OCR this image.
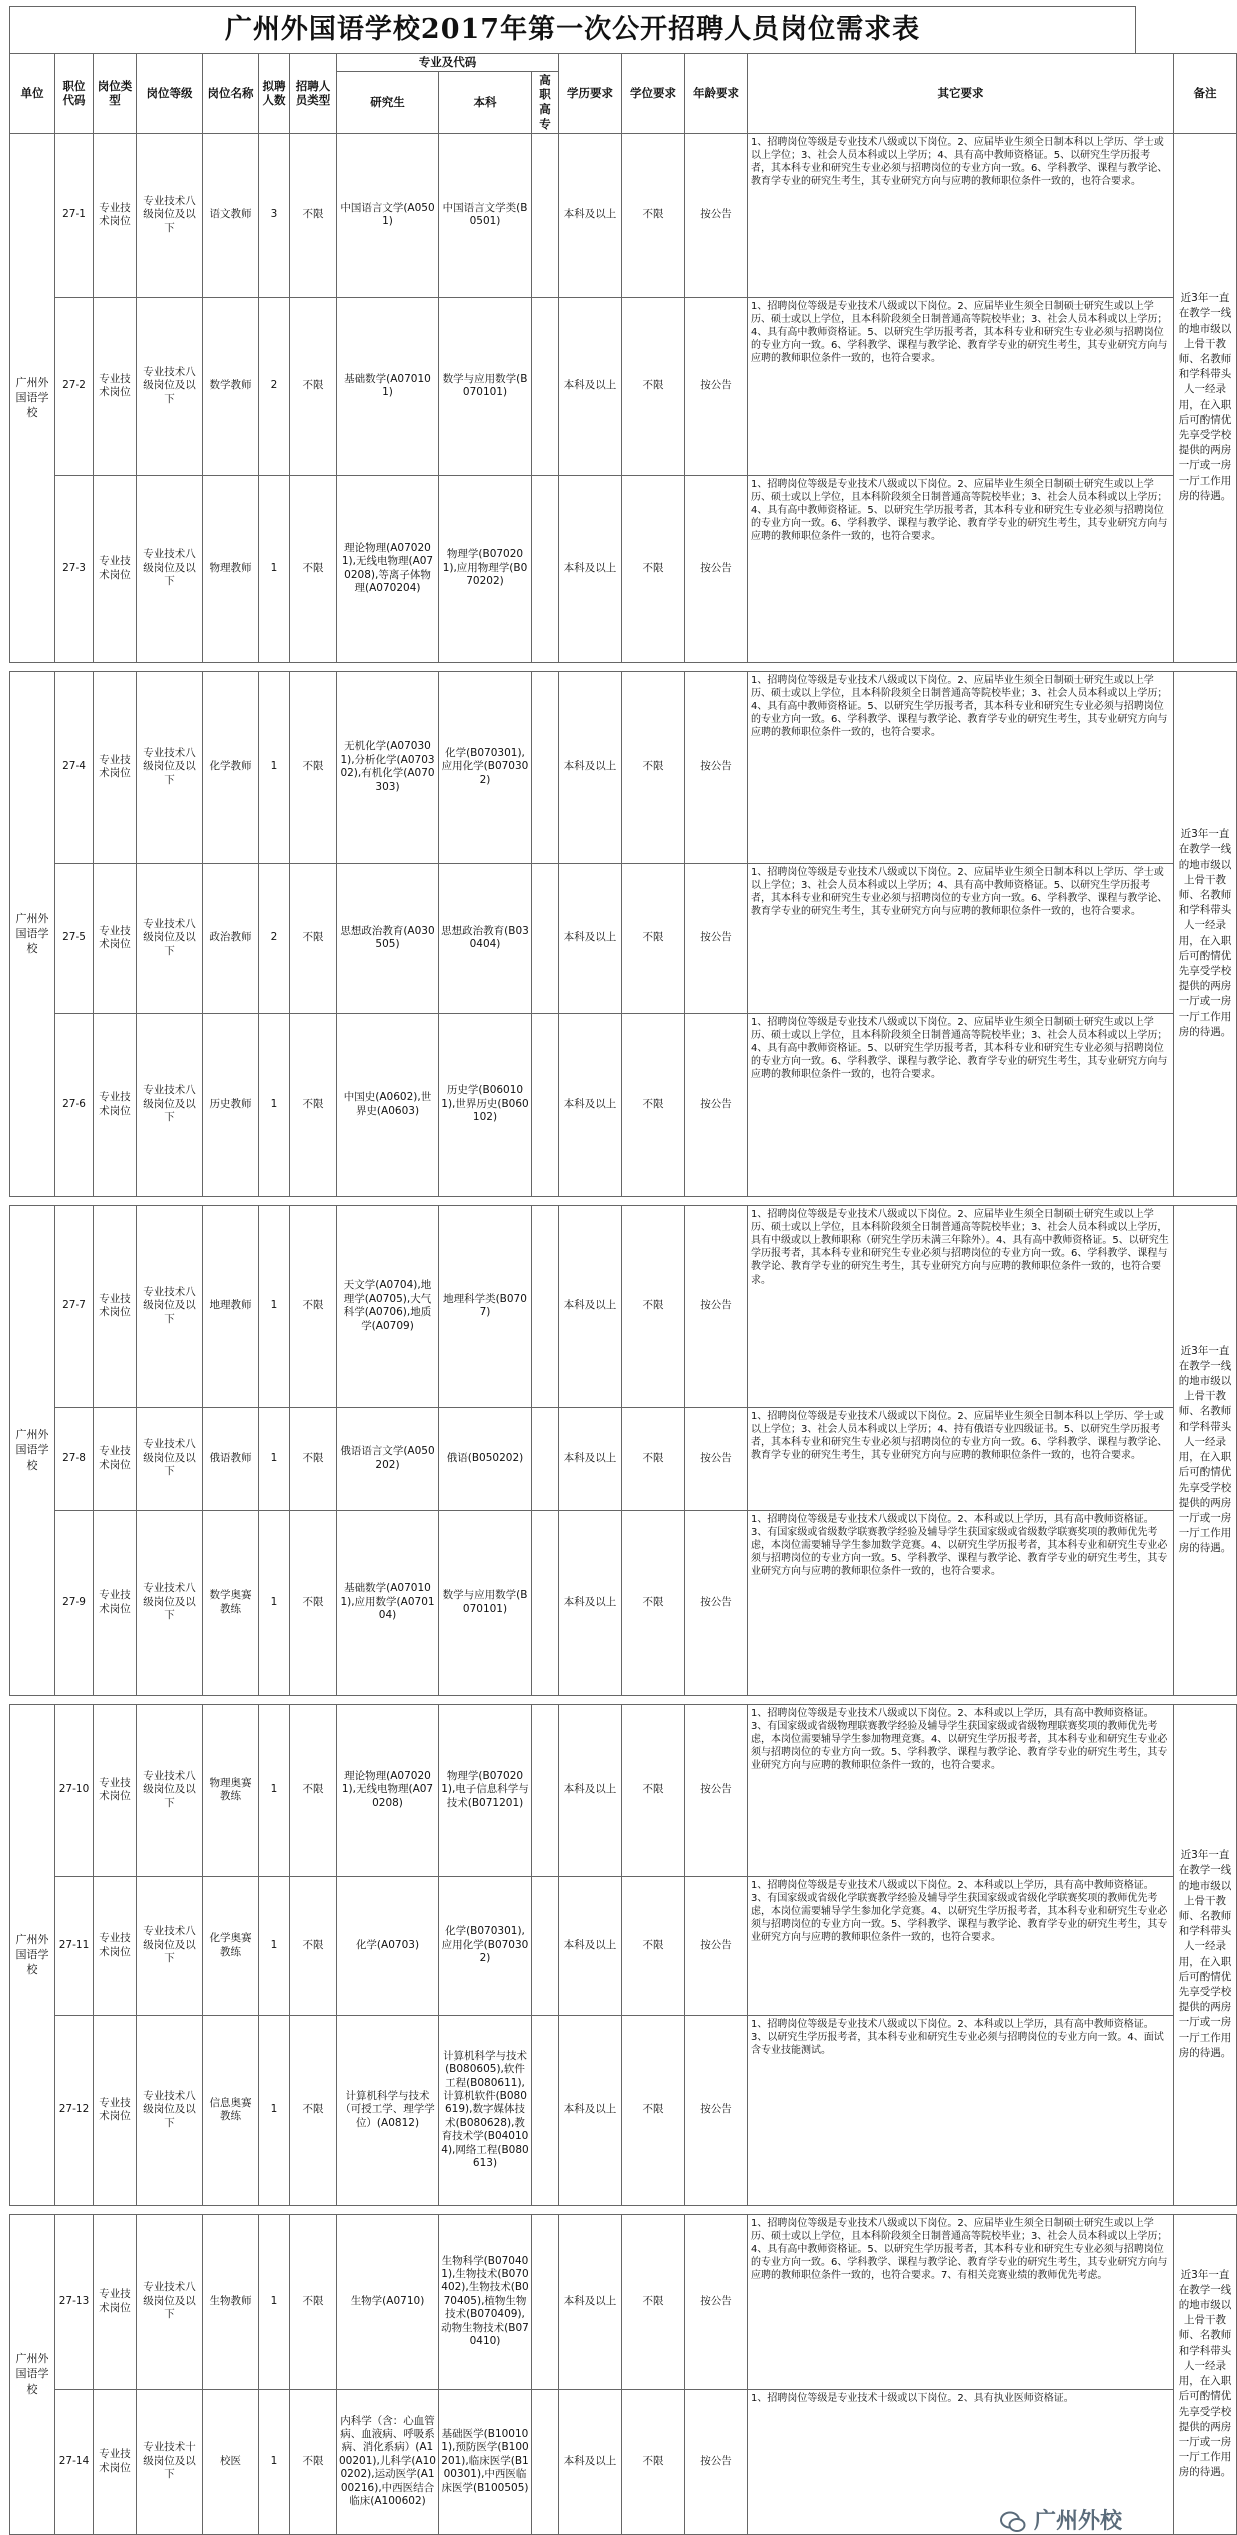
广州外国语学校2017年第一次公开招聘人员岗位需求表
单位	职位代码	岗位类型	岗位等级	岗位名称	拟聘人数	招聘人员类型	专业及代码			学历要求	学位要求	年龄要求	其它要求	备注
							研究生	本科	高职高专					
广州外国语学校	27-1	专业技术岗位	专业技术八级岗位及以下	语文教师	3	不限	中国语言文学(A0501)	中国语言文学类(B0501)		本科及以上	不限	按公告	1、招聘岗位等级是专业技术八级或以下岗位。2、应届毕业生须全日制本科以上学历、学士或以上学位；3、社会人员本科或以上学历；4、具有高中教师资格证。5、以研究生学历报考者，其本科专业和研究生专业必须与招聘岗位的专业方向一致。6、学科教学、课程与教学论、教育学专业的研究生考生，其专业研究方向与应聘的教师职位条件一致的，也符合要求。	近3年一直在教学一线的地市级以上骨干教师、名教师和学科带头人一经录用，在入职后可酌情优先享受学校提供的两房一厅或一房一厅工作用房的待遇。
	27-2	专业技术岗位	专业技术八级岗位及以下	数学教师	2	不限	基础数学(A070101)	数学与应用数学(B070101)		本科及以上	不限	按公告	1、招聘岗位等级是专业技术八级或以下岗位。2、应届毕业生须全日制硕士研究生或以上学历、硕士或以上学位，且本科阶段须全日制普通高等院校毕业；3、社会人员本科或以上学历；4、具有高中教师资格证。5、以研究生学历报考者，其本科专业和研究生专业必须与招聘岗位的专业方向一致。6、学科教学、课程与教学论、教育学专业的研究生考生，其专业研究方向与应聘的教师职位条件一致的，也符合要求。	
	27-3	专业技术岗位	专业技术八级岗位及以下	物理教师	1	不限	理论物理(A070201),无线电物理(A070208),等离子体物理(A070204)	物理学(B070201),应用物理学(B070202)		本科及以上	不限	按公告	1、招聘岗位等级是专业技术八级或以下岗位。2、应届毕业生须全日制硕士研究生或以上学历、硕士或以上学位，且本科阶段须全日制普通高等院校毕业；3、社会人员本科或以上学历；4、具有高中教师资格证。5、以研究生学历报考者，其本科专业和研究生专业必须与招聘岗位的专业方向一致。6、学科教学、课程与教学论、教育学专业的研究生考生，其专业研究方向与应聘的教师职位条件一致的，也符合要求。	

广州外国语学校	27-4	专业技术岗位	专业技术八级岗位及以下	化学教师	1	不限	无机化学(A070301),分析化学(A070302),有机化学(A070303)	化学(B070301),应用化学(B070302)		本科及以上	不限	按公告	1、招聘岗位等级是专业技术八级或以下岗位。2、应届毕业生须全日制硕士研究生或以上学历、硕士或以上学位，且本科阶段须全日制普通高等院校毕业；3、社会人员本科或以上学历；4、具有高中教师资格证。5、以研究生学历报考者，其本科专业和研究生专业必须与招聘岗位的专业方向一致。6、学科教学、课程与教学论、教育学专业的研究生考生，其专业研究方向与应聘的教师职位条件一致的，也符合要求。	近3年一直在教学一线的地市级以上骨干教师、名教师和学科带头人一经录用，在入职后可酌情优先享受学校提供的两房一厅或一房一厅工作用房的待遇。
	27-5	专业技术岗位	专业技术八级岗位及以下	政治教师	2	不限	思想政治教育(A030505)	思想政治教育(B030404)		本科及以上	不限	按公告	1、招聘岗位等级是专业技术八级或以下岗位。2、应届毕业生须全日制本科以上学历、学士或以上学位；3、社会人员本科或以上学历；4、具有高中教师资格证。5、以研究生学历报考者，其本科专业和研究生专业必须与招聘岗位的专业方向一致。6、学科教学、课程与教学论、教育学专业的研究生考生，其专业研究方向与应聘的教师职位条件一致的，也符合要求。	
	27-6	专业技术岗位	专业技术八级岗位及以下	历史教师	1	不限	中国史(A0602),世界史(A0603)	历史学(B060101),世界历史(B060102)		本科及以上	不限	按公告	1、招聘岗位等级是专业技术八级或以下岗位。2、应届毕业生须全日制硕士研究生或以上学历、硕士或以上学位，且本科阶段须全日制普通高等院校毕业；3、社会人员本科或以上学历；4、具有高中教师资格证。5、以研究生学历报考者，其本科专业和研究生专业必须与招聘岗位的专业方向一致。6、学科教学、课程与教学论、教育学专业的研究生考生，其专业研究方向与应聘的教师职位条件一致的，也符合要求。	

广州外国语学校	27-7	专业技术岗位	专业技术八级岗位及以下	地理教师	1	不限	天文学(A0704),地理学(A0705),大气科学(A0706),地质学(A0709)	地理科学类(B0707)		本科及以上	不限	按公告	1、招聘岗位等级是专业技术八级或以下岗位。2、应届毕业生须全日制硕士研究生或以上学历、硕士或以上学位，且本科阶段须全日制普通高等院校毕业；3、社会人员本科或以上学历，具有中级或以上教师职称（研究生学历未满三年除外）。4、具有高中教师资格证。5、以研究生学历报考者，其本科专业和研究生专业必须与招聘岗位的专业方向一致。6、学科教学、课程与教学论、教育学专业的研究生考生，其专业研究方向与应聘的教师职位条件一致的，也符合要求。	近3年一直在教学一线的地市级以上骨干教师、名教师和学科带头人一经录用，在入职后可酌情优先享受学校提供的两房一厅或一房一厅工作用房的待遇。
	27-8	专业技术岗位	专业技术八级岗位及以下	俄语教师	1	不限	俄语语言文学(A050202)	俄语(B050202)		本科及以上	不限	按公告	1、招聘岗位等级是专业技术八级或以下岗位。2、应届毕业生须全日制本科以上学历、学士或以上学位；3、社会人员本科或以上学历；4、持有俄语专业四级证书。5、以研究生学历报考者，其本科专业和研究生专业必须与招聘岗位的专业方向一致。6、学科教学、课程与教学论、教育学专业的研究生考生，其专业研究方向与应聘的教师职位条件一致的，也符合要求。	
	27-9	专业技术岗位	专业技术八级岗位及以下	数学奥赛教练	1	不限	基础数学(A070101),应用数学(A070104)	数学与应用数学(B070101)		本科及以上	不限	按公告	1、招聘岗位等级是专业技术八级或以下岗位。2、本科或以上学历，具有高中教师资格证。3、有国家级或省级数学联赛教学经验及辅导学生获国家级或省级数学联赛奖项的教师优先考虑，本岗位需要辅导学生参加数学竞赛。4、以研究生学历报考者，其本科专业和研究生专业必须与招聘岗位的专业方向一致。5、学科教学、课程与教学论、教育学专业的研究生考生，其专业研究方向与应聘的教师职位条件一致的，也符合要求。	

广州外国语学校	27-10	专业技术岗位	专业技术八级岗位及以下	物理奥赛教练	1	不限	理论物理(A070201),无线电物理(A070208)	物理学(B070201),电子信息科学与技术(B071201)		本科及以上	不限	按公告	1、招聘岗位等级是专业技术八级或以下岗位。2、本科或以上学历，具有高中教师资格证。3、有国家级或省级物理联赛教学经验及辅导学生获国家级或省级物理联赛奖项的教师优先考虑，本岗位需要辅导学生参加物理竞赛。4、以研究生学历报考者，其本科专业和研究生专业必须与招聘岗位的专业方向一致。5、学科教学、课程与教学论、教育学专业的研究生考生，其专业研究方向与应聘的教师职位条件一致的，也符合要求。	近3年一直在教学一线的地市级以上骨干教师、名教师和学科带头人一经录用，在入职后可酌情优先享受学校提供的两房一厅或一房一厅工作用房的待遇。
	27-11	专业技术岗位	专业技术八级岗位及以下	化学奥赛教练	1	不限	化学(A0703)	化学(B070301),应用化学(B070302)		本科及以上	不限	按公告	1、招聘岗位等级是专业技术八级或以下岗位。2、本科或以上学历，具有高中教师资格证。3、有国家级或省级化学联赛教学经验及辅导学生获国家级或省级化学联赛奖项的教师优先考虑，本岗位需要辅导学生参加化学竞赛。4、以研究生学历报考者，其本科专业和研究生专业必须与招聘岗位的专业方向一致。5、学科教学、课程与教学论、教育学专业的研究生考生，其专业研究方向与应聘的教师职位条件一致的，也符合要求。	
	27-12	专业技术岗位	专业技术八级岗位及以下	信息奥赛教练	1	不限	计算机科学与技术（可授工学、理学学位）(A0812)	计算机科学与技术(B080605),软件工程(B080611),计算机软件(B080619),数字媒体技术(B080628),教育技术学(B040104),网络工程(B080613)		本科及以上	不限	按公告	1、招聘岗位等级是专业技术八级或以下岗位。2、本科或以上学历，具有高中教师资格证。3、以研究生学历报考者，其本科专业和研究生专业必须与招聘岗位的专业方向一致。4、面试含专业技能测试。	

广州外国语学校	27-13	专业技术岗位	专业技术八级岗位及以下	生物教师	1	不限	生物学(A0710)	生物科学(B070401),生物技术(B070402),生物技术(B070405),植物生物技术(B070409),动物生物技术(B070410)		本科及以上	不限	按公告	1、招聘岗位等级是专业技术八级或以下岗位。2、应届毕业生须全日制硕士研究生或以上学历、硕士或以上学位，且本科阶段须全日制普通高等院校毕业；3、社会人员本科或以上学历；4、具有高中教师资格证。5、以研究生学历报考者，其本科专业和研究生专业必须与招聘岗位的专业方向一致。6、学科教学、课程与教学论、教育学专业的研究生考生，其专业研究方向与应聘的教师职位条件一致的，也符合要求。7、有相关竞赛业绩的教师优先考虑。	近3年一直在教学一线的地市级以上骨干教师、名教师和学科带头人一经录用，在入职后可酌情优先享受学校提供的两房一厅或一房一厅工作用房的待遇。
	27-14	专业技术岗位	专业技术十级岗位及以下	校医	1	不限	内科学（含：心血管病、血液病、呼吸系病、消化系病）(A100201),儿科学(A100202),运动医学(A100216),中西医结合临床(A100602)	基础医学(B100101),预防医学(B100201),临床医学(B100301),中西医临床医学(B100505)		本科及以上	不限	按公告	1、招聘岗位等级是专业技术十级或以下岗位。2、具有执业医师资格证。	
广州外校
